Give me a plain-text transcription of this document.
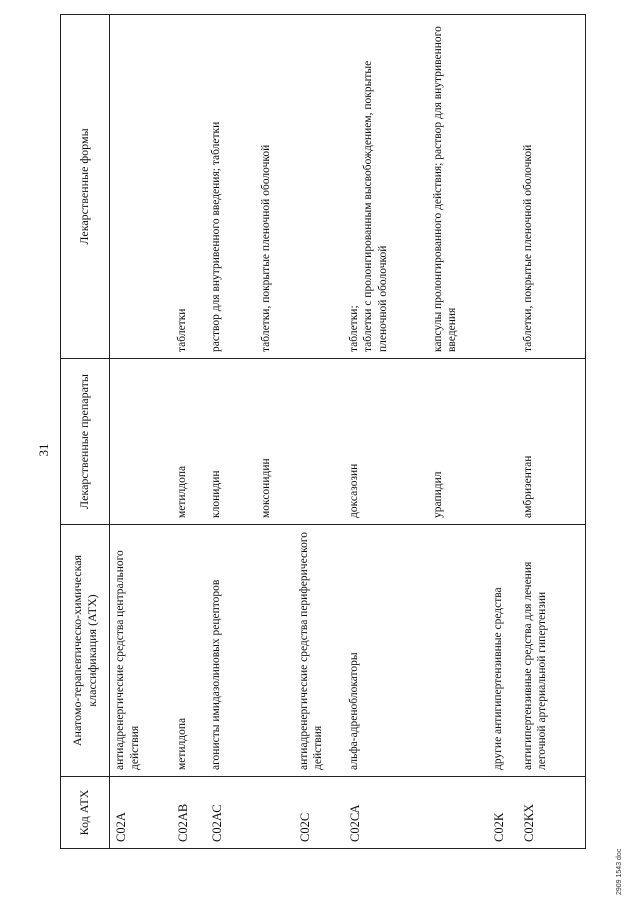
31
Код АТХ	Анатомо-терапевтическо-химическая классификация (АТХ)	Лекарственные препараты	Лекарственные формы
С02А	антиадренергические средства центрального действия		
С02АВ	метилдопа	метилдопа	таблетки
С02АС	агонисты имидазолиновых рецепторов	клонидин	раствор для внутривенного введения; таблетки
		моксонидин	таблетки, покрытые пленочной оболочкой
С02С	антиадренергические средства периферического действия		
С02СА	альфа-адреноблокаторы	доксазозин	таблетки;
таблетки с пролонгированным высвобождением, покрытые пленочной оболочкой
		урапидил	капсулы пролонгированного действия; раствор для внутривенного введения
С02К	другие антигипертензивные средства		
С02КХ	антигипертензивные средства для лечения легочной артериальной гипертензии	амбризентан	таблетки, покрытые пленочной оболочкой
2909 1543 doc
